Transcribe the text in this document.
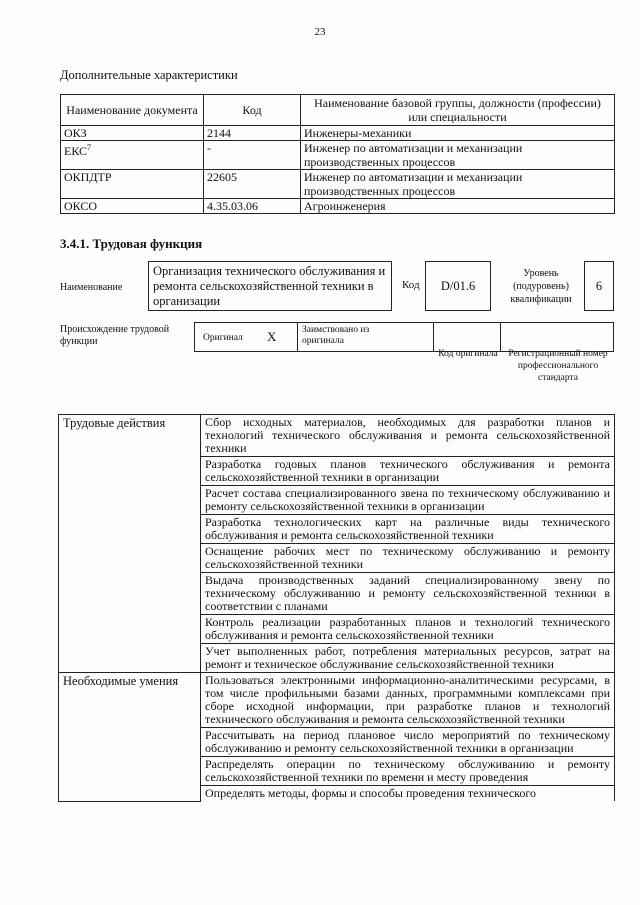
23
Дополнительные характеристики
Наименование документа	Код	Наименование базовой группы, должности (профессии) или специальности
ОКЗ	2144	Инженеры-механики
ЕКС$^7$	-	Инженер по автоматизации и механизации производственных процессов
ОКПДТР	22605	Инженер по автоматизации и механизации производственных процессов
ОКСО	4.35.03.06	Агроинженерия
3.4.1. Трудовая функция
Наименование
Организация технического обслуживания и ремонта сельскохозяйственной техники в организации
Код	D/01.6
Уровень (подуровень) квалификации
6
Происхождение трудовой функции	Оригинал X	Заимствовано из оригинала
Код оригинала Регистрационный номер профессионального стандарта
Трудовые действия	Сбор исходных материалов, необходимых для разработки планов и технологий технического обслуживания и ремонта сельскохозяйственной техники
	Разработка годовых планов технического обслуживания и ремонта сельскохозяйственной техники в организации
	Расчет состава специализированного звена по техническому обслуживанию и ремонту сельскохозяйственной техники в организации
	Разработка технологических карт на различные виды технического обслуживания и ремонта сельскохозяйственной техники
	Оснащение рабочих мест по техническому обслуживанию и ремонту сельскохозяйственной техники
	Выдача производственных заданий специализированному звену по техническому обслуживанию и ремонту сельскохозяйственной техники в соответствии с планами
	Контроль реализации разработанных планов и технологий технического обслуживания и ремонта сельскохозяйственной техники
	Учет выполненных работ, потребления материальных ресурсов, затрат на ремонт и техническое обслуживание сельскохозяйственной техники
Необходимые умения	Пользоваться электронными информационно-аналитическими ресурсами, в том числе профильными базами данных, программными комплексами при сборе исходной информации, при разработке планов и технологий технического обслуживания и ремонта сельскохозяйственной техники
	Рассчитывать на период плановое число мероприятий по техническому обслуживанию и ремонту сельскохозяйственной техники в организации
	Распределять операции по техническому обслуживанию и ремонту сельскохозяйственной техники по времени и месту проведения
	Определять методы, формы и способы проведения технического
